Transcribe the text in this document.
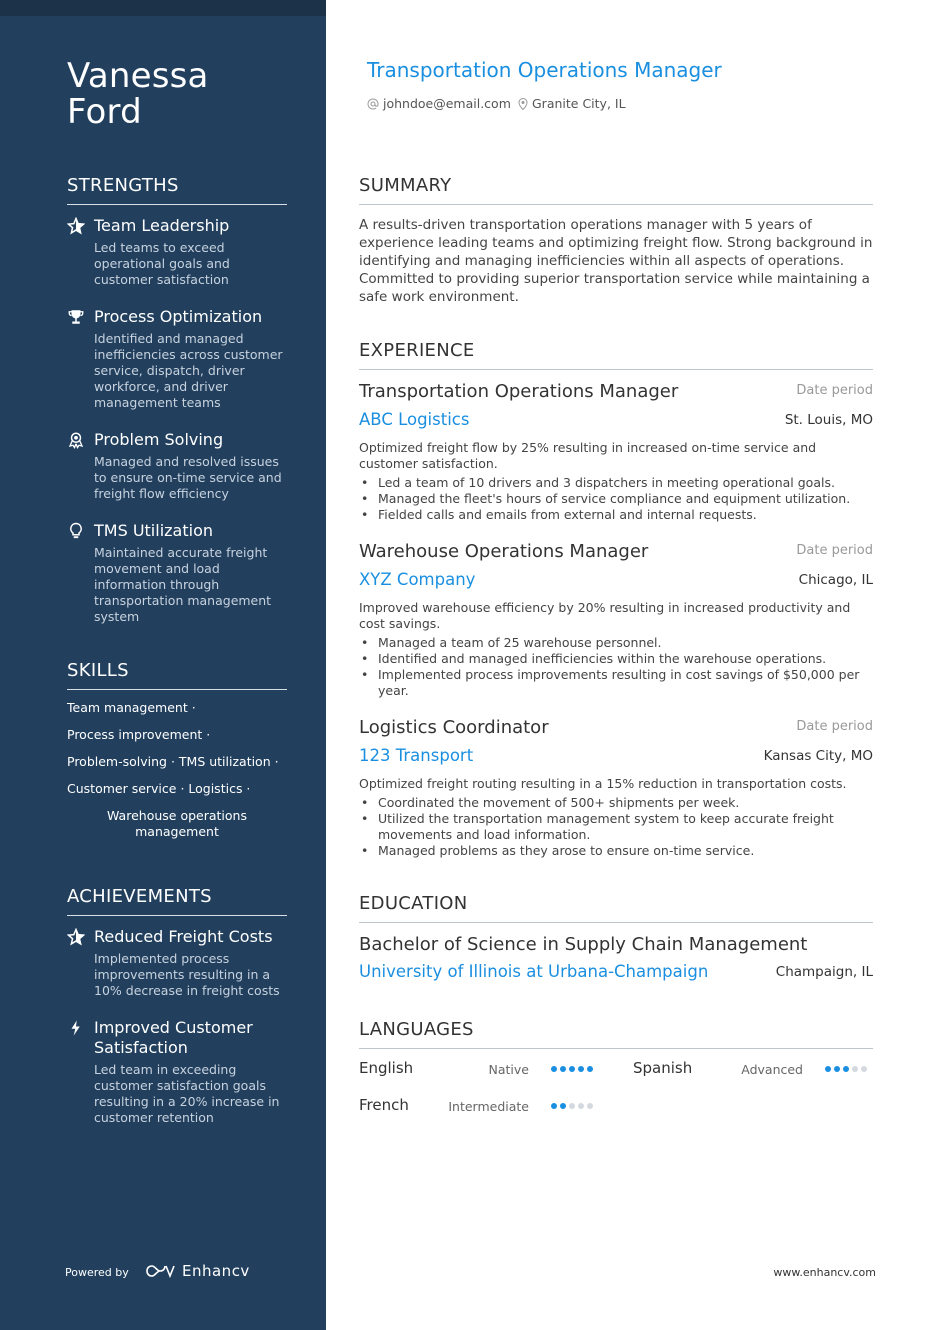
Vanessa
Ford
STRENGTHS
Team Leadership
Led teams to exceed operational goals and customer satisfaction
Process Optimization
Identified and managed inefficiencies across customer service, dispatch, driver workforce, and driver management teams
Problem Solving
Managed and resolved issues to ensure on-time service and freight flow efficiency
TMS Utilization
Maintained accurate freight movement and load information through transportation management system
SKILLS
Team management ·
Process improvement ·
Problem-solving · TMS utilization ·
Customer service · Logistics ·
Warehouse operations
management
ACHIEVEMENTS
Reduced Freight Costs
Implemented process improvements resulting in a 10% decrease in freight costs
Improved Customer Satisfaction
Led team in exceeding customer satisfaction goals resulting in a 20% increase in customer retention
Powered by	Enhancv
Transportation Operations Manager
johndoe@email.com Granite City, IL
SUMMARY
A results-driven transportation operations manager with 5 years of experience leading teams and optimizing freight flow. Strong background in identifying and managing inefficiencies within all aspects of operations. Committed to providing superior transportation service while maintaining a safe work environment.
EXPERIENCE
Transportation Operations Manager	Date period
ABC Logistics	St. Louis, MO
Optimized freight flow by 25% resulting in increased on-time service and customer satisfaction.
• Led a team of 10 drivers and 3 dispatchers in meeting operational goals.
• Managed the fleet's hours of service compliance and equipment utilization.
• Fielded calls and emails from external and internal requests.
Warehouse Operations Manager	Date period
XYZ Company	Chicago, IL
Improved warehouse efficiency by 20% resulting in increased productivity and cost savings.
• Managed a team of 25 warehouse personnel.
• Identified and managed inefficiencies within the warehouse operations.
• Implemented process improvements resulting in cost savings of $50,000 per year.
Logistics Coordinator	Date period
123 Transport	Kansas City, MO
Optimized freight routing resulting in a 15% reduction in transportation costs.
• Coordinated the movement of 500+ shipments per week.
• Utilized the transportation management system to keep accurate freight movements and load information.
• Managed problems as they arose to ensure on-time service.
EDUCATION
Bachelor of Science in Supply Chain Management
University of Illinois at Urbana-Champaign	Champaign, IL
LANGUAGES
English	Native	Spanish	Advanced
French	Intermediate
www.enhancv.com
